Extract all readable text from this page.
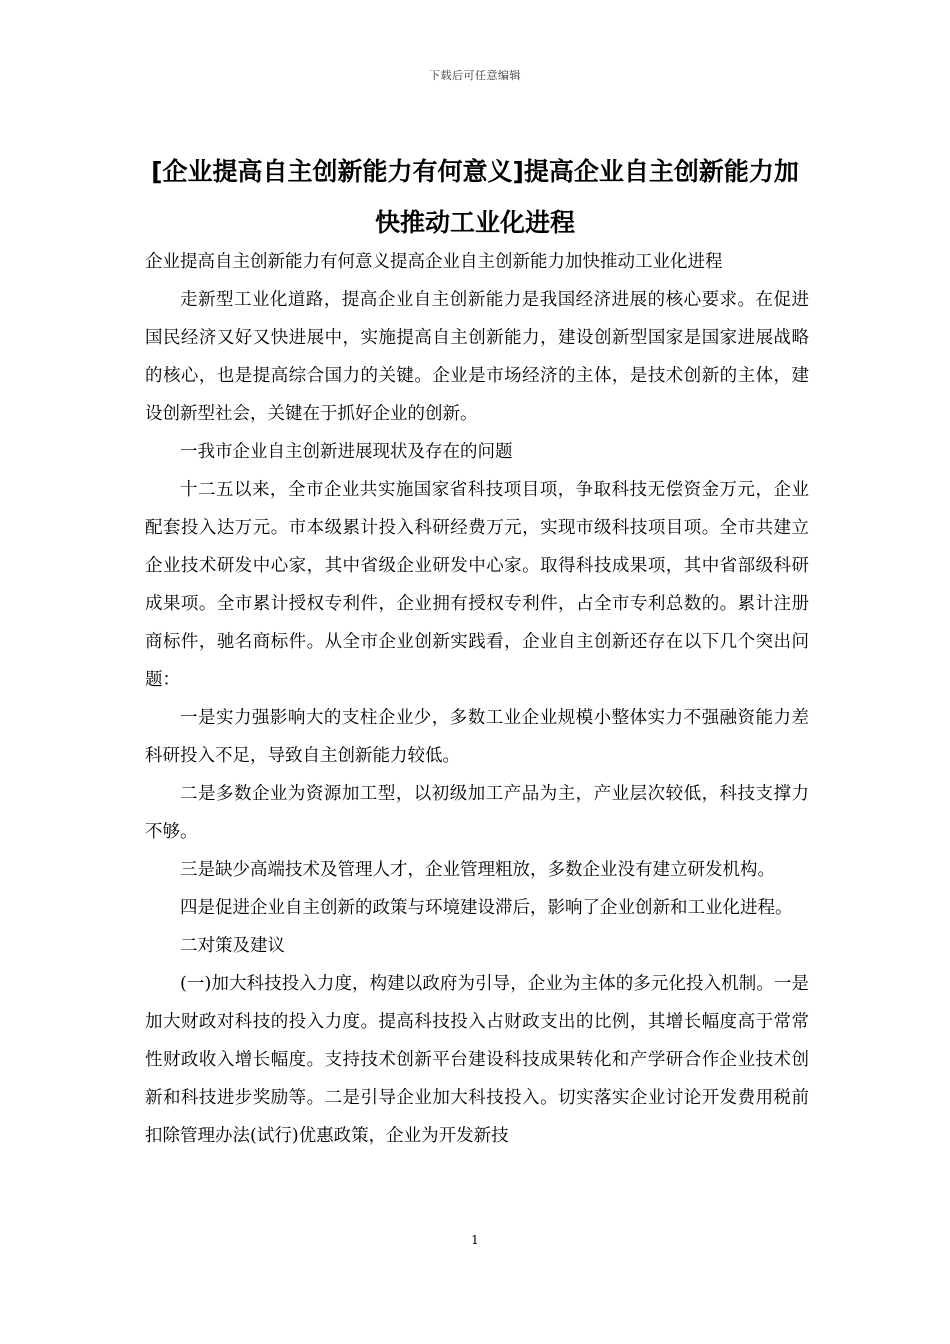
下载后可任意编辑
[企业提高自主创新能力有何意义]提高企业自主创新能力加快推动工业化进程

企业提高自主创新能力有何意义提高企业自主创新能力加快推动工业化进程

走新型工业化道路，提高企业自主创新能力是我国经济进展的核心要求。在促进国民经济又好又快进展中，实施提高自主创新能力，建设创新型国家是国家进展战略的核心，也是提高综合国力的关键。企业是市场经济的主体，是技术创新的主体，建设创新型社会，关键在于抓好企业的创新。

一我市企业自主创新进展现状及存在的问题

十二五以来，全市企业共实施国家省科技项目项，争取科技无偿资金万元，企业配套投入达万元。市本级累计投入科研经费万元，实现市级科技项目项。全市共建立企业技术研发中心家，其中省级企业研发中心家。取得科技成果项，其中省部级科研成果项。全市累计授权专利件，企业拥有授权专利件，占全市专利总数的。累计注册商标件，驰名商标件。从全市企业创新实践看，企业自主创新还存在以下几个突出问题：

一是实力强影响大的支柱企业少，多数工业企业规模小整体实力不强融资能力差科研投入不足，导致自主创新能力较低。

二是多数企业为资源加工型，以初级加工产品为主，产业层次较低，科技支撑力不够。

三是缺少高端技术及管理人才，企业管理粗放，多数企业没有建立研发机构。

四是促进企业自主创新的政策与环境建设滞后，影响了企业创新和工业化进程。

二对策及建议

(一)加大科技投入力度，构建以政府为引导，企业为主体的多元化投入机制。一是加大财政对科技的投入力度。提高科技投入占财政支出的比例，其增长幅度高于常常性财政收入增长幅度。支持技术创新平台建设科技成果转化和产学研合作企业技术创新和科技进步奖励等。二是引导企业加大科技投入。切实落实企业讨论开发费用税前扣除管理办法(试行)优惠政策，企业为开发新技

1
